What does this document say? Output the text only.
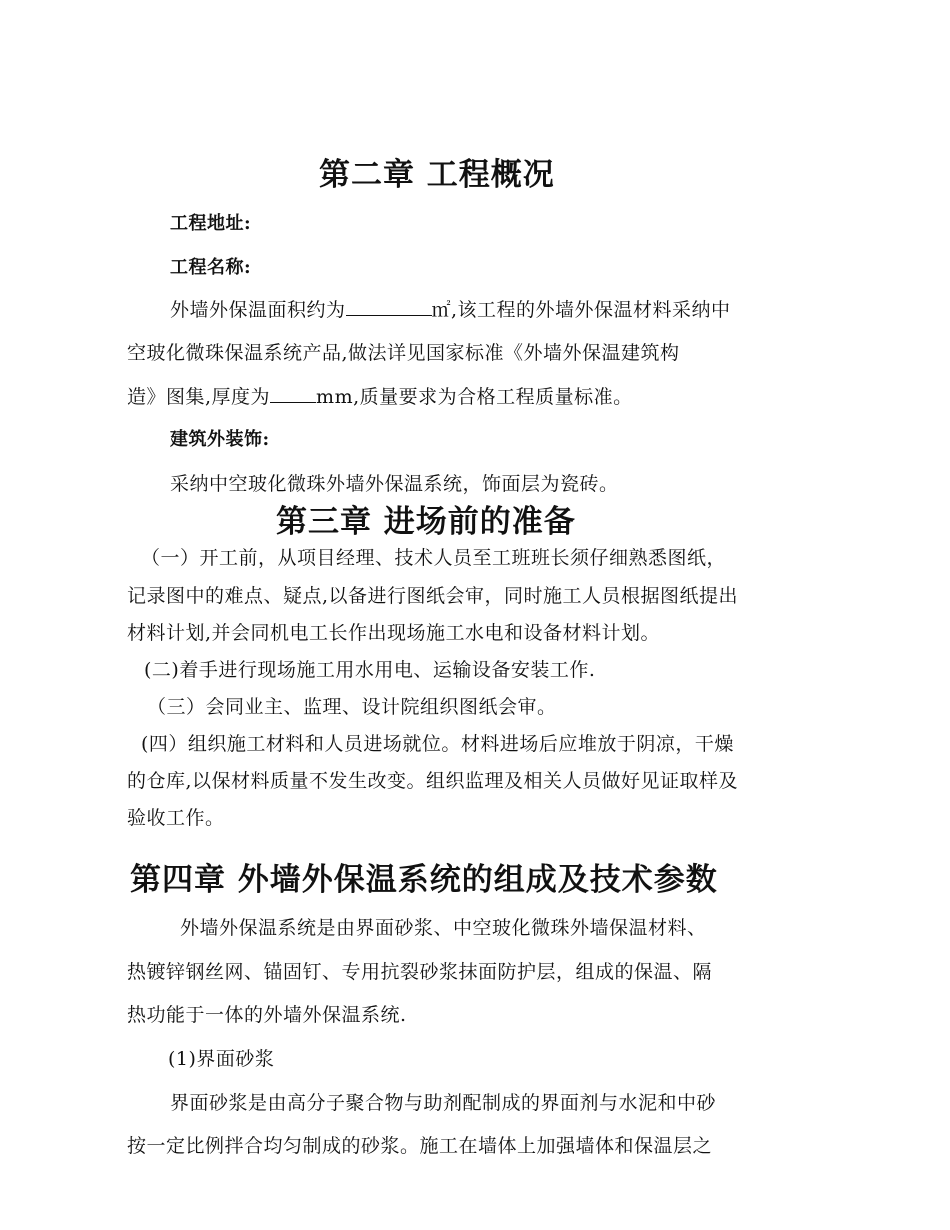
第二章 工程概况
工程地址:
工程名称:
外墙外保温面积约为	㎡,该工程的外墙外保温材料采纳中
空玻化微珠保温系统产品,做法详见国家标准《外墙外保温建筑构
造》图集,厚度为 mm,质量要求为合格工程质量标准。
建筑外装饰:
采纳中空玻化微珠外墙外保温系统，饰面层为瓷砖。
第三章 进场前的准备
（一）开工前，从项目经理、技术人员至工班班长须仔细熟悉图纸，
记录图中的难点、疑点,以备进行图纸会审，同时施工人员根据图纸提出
材料计划,并会同机电工长作出现场施工水电和设备材料计划。
(二)着手进行现场施工用水用电、运输设备安装工作.
（三）会同业主、监理、设计院组织图纸会审。
(四）组织施工材料和人员进场就位。材料进场后应堆放于阴凉，干燥
的仓库,以保材料质量不发生改变。组织监理及相关人员做好见证取样及
验收工作。
第四章 外墙外保温系统的组成及技术参数
外墙外保温系统是由界面砂浆、中空玻化微珠外墙保温材料、
热镀锌钢丝网、锚固钉、专用抗裂砂浆抹面防护层，组成的保温、隔
热功能于一体的外墙外保温系统.
(1)界面砂浆
界面砂浆是由高分子聚合物与助剂配制成的界面剂与水泥和中砂
按一定比例拌合均匀制成的砂浆。施工在墙体上加强墙体和保温层之
